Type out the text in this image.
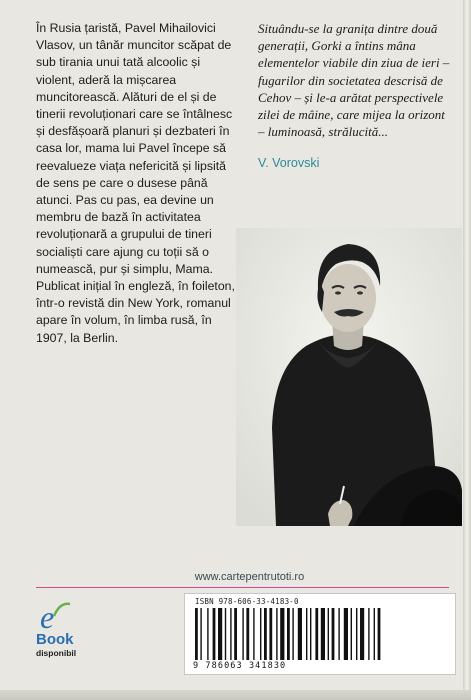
În Rusia țaristă, Pavel Mihailovici Vlasov, un tânăr muncitor scăpat de sub tirania unui tată alcoolic și violent, aderă la mișcarea muncitorească. Alături de el și de tinerii revoluționari care se întâlnesc și desfășoară planuri și dezbateri în casa lor, mama lui Pavel începe să reevalueze viața nefericită și lipsită de sens pe care o dusese până atunci. Pas cu pas, ea devine un membru de bază în activitatea revoluționară a grupului de tineri socialiști care ajung cu toții să o numească, pur și simplu, Mama. Publicat inițial în engleză, în foileton, într-o revistă din New York, romanul apare în volum, în limba rusă, în 1907, la Berlin.

Situându-se la granița dintre două generații, Gorki a întins mâna elementelor viabile din ziua de ieri – fugarilor din societatea descrisă de Cehov – și le-a arătat perspectivele zilei de mâine, care mijea la orizont – luminoasă, strălucită...

V. Vorovski

www.cartepentrutoti.ro
e
Book
disponibil
ISBN 978-606-33-4183-0
9 786063 341830
